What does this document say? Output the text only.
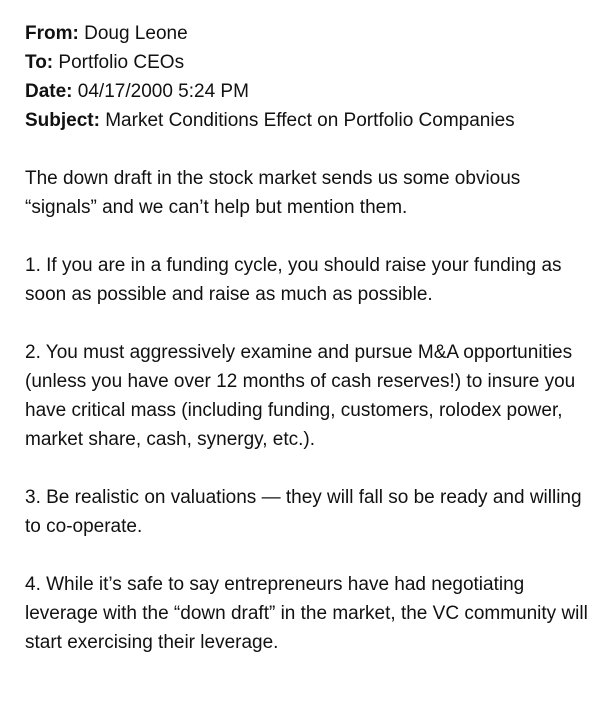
From: Doug Leone
To: Portfolio CEOs
Date: 04/17/2000 5:24 PM
Subject: Market Conditions Effect on Portfolio Companies

The down draft in the stock market sends us some obvious “signals” and we can’t help but mention them.

1. If you are in a funding cycle, you should raise your funding as soon as possible and raise as much as possible.

2. You must aggressively examine and pursue M&A opportunities (unless you have over 12 months of cash reserves!) to insure you have critical mass (including funding, customers, rolodex power, market share, cash, synergy, etc.).

3. Be realistic on valuations — they will fall so be ready and willing to co-operate.

4. While it’s safe to say entrepreneurs have had negotiating leverage with the “down draft” in the market, the VC community will start exercising their leverage.
